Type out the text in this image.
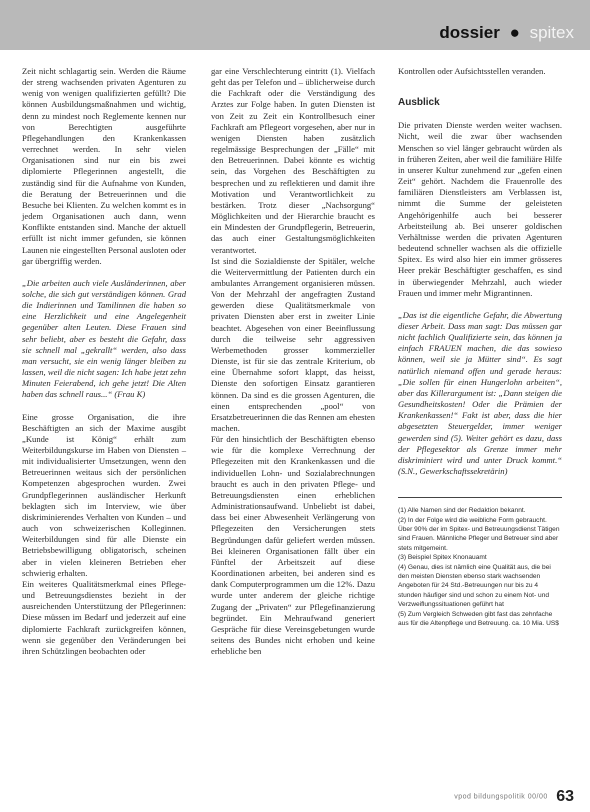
dossier ● spitex

Zeit nicht schlagartig sein. Werden die Räume der streng wachsenden privaten Agenturen zu wenig von wenigen qualifizierten gefüllt? Die können Ausbildungsmaßnahmen und wichtig, denn zu mindest noch Reglemente kennen nur von Berechtigten ausgeführte Pflegehandlungen den Krankenkassen verrechnet werden. In sehr vielen Organisationen sind nur ein bis zwei diplomierte Pflegerinnen angestellt, die zuständig sind für die Aufnahme von Kunden, die Beratung der Betreuerinnen und die Besuche bei Klienten. Zu welchen kommt es in jedem Organisationen auch dann, wenn Konflikte entstanden sind. Manche der aktuell erfüllt ist nicht immer gefunden, sie können Launen nie eingestellten Personal ausloten oder gar übergriffig werden.

„Die arbeiten auch viele Ausländerinnen, aber solche, die sich gut verständigen können. Grad die Indierinnen und Tamilinnen die haben so eine Herzlichkeit und eine Angelegenheit gegenüber alten Leuten. Diese Frauen sind sehr beliebt, aber es besteht die Gefahr, dass sie schnell mal „gekrallt“ werden, also dass man versucht, sie ein wenig länger bleiben zu lassen, weil die nicht sagen: Ich habe jetzt zehn Minuten Feierabend, ich gehe jetzt! Die Alten haben das schnell raus...“ (Frau K)

Eine grosse Organisation, die ihre Beschäftigten an sich der Maxime ausgibt „Kunde ist König“ erhält zum Weiterbildungskurse im Haben von Diensten – mit individualisierter Umsetzungen, wenn den Betreuerinnen weitaus sich der persönlichen Kompetenzen abgesprochen wurden. Zwei Grundpflegerinnen ausländischer Herkunft beklagten sich im Interview, wie über diskriminierendes Verhalten von Kunden – und auch von schweizerischen Kolleginnen. Weiterbildungen sind für alle Dienste ein Betriebsbewilligung obligatorisch, scheinen aber in vielen kleineren Betrieben eher schwierig erhalten.

Ein weiteres Qualitätsmerkmal eines Pflege- und Betreuungsdienstes bezieht in der ausreichenden Unterstützung der Pflegerinnen: Diese müssen im Bedarf und jederzeit auf eine diplomierte Fachkraft zurückgreifen können, wenn sie gegenüber den Veränderungen bei ihren Schützlingen beobachten oder

gar eine Verschlechterung eintritt (1). Vielfach geht das per Telefon und – üblicherweise durch die Fachkraft oder die Verständigung des Arztes zur Folge haben. In guten Diensten ist von Zeit zu Zeit ein Kontrollbesuch einer Fachkraft am Pflegeort vorgesehen, aber nur in wenigen Diensten haben zusätzlich regelmässige Besprechungen der „Fälle“ mit den Betreuerinnen. Dabei könnte es wichtig sein, das Vorgehen des Beschäftigten zu besprechen und zu reflektieren und damit ihre Motivation und Verantwortlichkeit zu bestärken. Trotz dieser „Nachsorgung“ Möglichkeiten und der Hierarchie braucht es ein Mindesten der Grundpflegerin, Betreuerin, das auch einer Gestaltungsmöglichkeiten verantwortet.

Ist sind die Sozialdienste der Spitäler, welche die Weitervermittlung der Patienten durch ein ambulantes Arrangement organisieren müssen. Von der Mehrzahl der angefragten Zustand gewerden diese Qualitätsmerkmale von privaten Diensten aber erst in zweiter Linie beachtet. Abgesehen von einer Beeinflussung durch die teilweise sehr aggressiven Werbemethoden grosser kommerzieller Dienste, ist für sie das zentrale Kriterium, ob eine Übernahme sofort klappt, das heisst, Dienste den sofortigen Einsatz garantieren können. Da sind es die grossen Agenturen, die einen entsprechenden „pool“ von Ersatzbetreuerinnen die das Rennen am ehesten machen.

Für den hinsichtlich der Beschäftigten ebenso wie für die komplexe Verrechnung der Pflegezeiten mit den Krankenkassen und die individuellen Lohn- und Sozialabrechnungen braucht es auch in den privaten Pflege- und Betreuungsdiensten einen erheblichen Administrationsaufwand. Unbeliebt ist dabei, dass bei einer Abwesenheit Verlängerung von Pflegezeiten den Versicherungen stets Begründungen dafür geliefert werden müssen. Bei kleineren Organisationen fällt über ein Fünftel der Arbeitszeit auf diese Koordinationen arbeiten, bei anderen sind es dank Computerprogrammen um die 12%. Dazu wurde unter anderem der gleiche richtige Zugang der „Privaten“ zur Pflegefinanzierung begründet. Ein Mehraufwand generiert Gespräche für diese Vereinsgebetungen wurde seitens des Bundes nicht erhoben und keine erhebliche ben

Kontrollen oder Aufsichtsstellen veranden.

Ausblick

Die privaten Dienste werden weiter wachsen. Nicht, weil die zwar über wachsenden Menschen so viel länger gebraucht würden als in früheren Zeiten, aber weil die familiäre Hilfe in unserer Kultur zunehmend zur „gefen einen Zeit“ gehört. Nachdem die Frauenrolle des familiären Dienstleisters am Verblassen ist, nimmt die Summe der geleisteten Angehörigenhilfe auch bei besserer Arbeitsteilung ab. Bei unserer goldischen Verhältnisse werden die privaten Agenturen bedeutend schneller wachsen als die offizielle Spitex. Es wird also hier ein immer grösseres Heer prekär Beschäftigter geschaffen, es sind in überwiegender Mehrzahl, auch wieder Frauen und immer mehr Migrantinnen.

„Das ist die eigentliche Gefahr, die Abwertung dieser Arbeit. Dass man sagt: Das müssen gar nicht fachlich Qualifizierte sein, das können ja einfach FRAUEN machen, die das sowieso können, weil sie ja Mütter sind“. Es sagt natürlich niemand offen und gerade heraus: „Die sollen für einen Hungerlohn arbeiten“, aber das Killerargument ist: „Dann steigen die Gesundheitskosten! Oder die Prämien der Krankenkassen!“ Fakt ist aber, dass die hier abgesetzten Steuergelder, immer weniger gewerden sind (5). Weiter gehört es dazu, dass der Pflegesektor als Grenze immer mehr diskriminiert wird und unter Druck kommt.“ (S.N., Gewerkschaftssekretärin)

(1) Alle Namen sind der Redaktion bekannt.

(2) In der Folge wird die weibliche Form gebraucht. Über 90% der im Spitex- und Betreuungsdienst Tätigen sind Frauen. Männliche Pfleger und Betreuer sind aber stets mitgemeint.

(3) Beispiel Spitex Knonauamt

(4) Genau, dies ist nämlich eine Qualität aus, die bei den meisten Diensten ebenso stark wachsenden Angeboten für 24 Std.-Betreuungen nur bis zu 4 stunden häufiger sind und schon zu einem Not- und Verzweiflungssituationen geführt hat

(5) Zum Vergleich Schweden gibt fast das zehnfache aus für die Altenpflege und Betreuung. ca. 10 Mia. US$

vpod bildungspolitik 00/00 63
